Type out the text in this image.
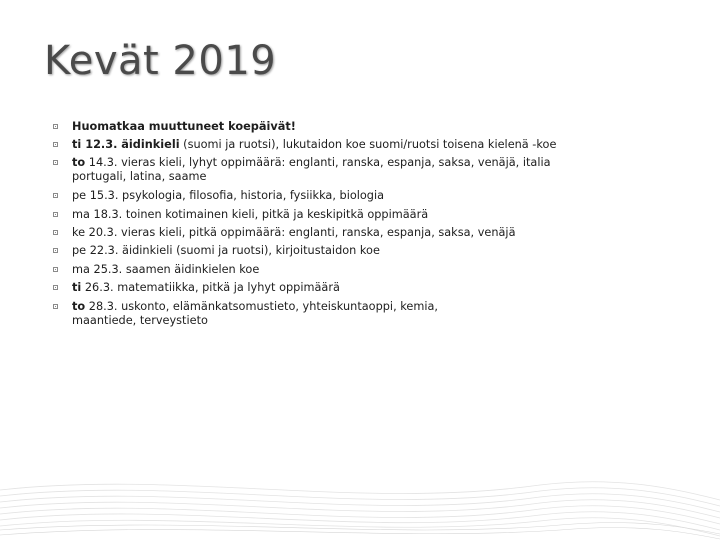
Kevät 2019
Huomatkaa muuttuneet koepäivät!
ti 12.3. äidinkieli (suomi ja ruotsi), lukutaidon koe suomi/ruotsi toisena kielenä -koe
to 14.3. vieras kieli, lyhyt oppimäärä: englanti, ranska, espanja, saksa, venäjä, italia portugali, latina, saame
pe 15.3. psykologia, filosofia, historia, fysiikka, biologia
ma 18.3. toinen kotimainen kieli, pitkä ja keskipitkä oppimäärä
ke 20.3. vieras kieli, pitkä oppimäärä: englanti, ranska, espanja, saksa, venäjä
pe 22.3. äidinkieli (suomi ja ruotsi), kirjoitustaidon koe
ma 25.3. saamen äidinkielen koe
ti 26.3. matematiikka, pitkä ja lyhyt oppimäärä
to 28.3. uskonto, elämänkatsomustieto, yhteiskuntaoppi, kemia, maantiede, terveystieto
